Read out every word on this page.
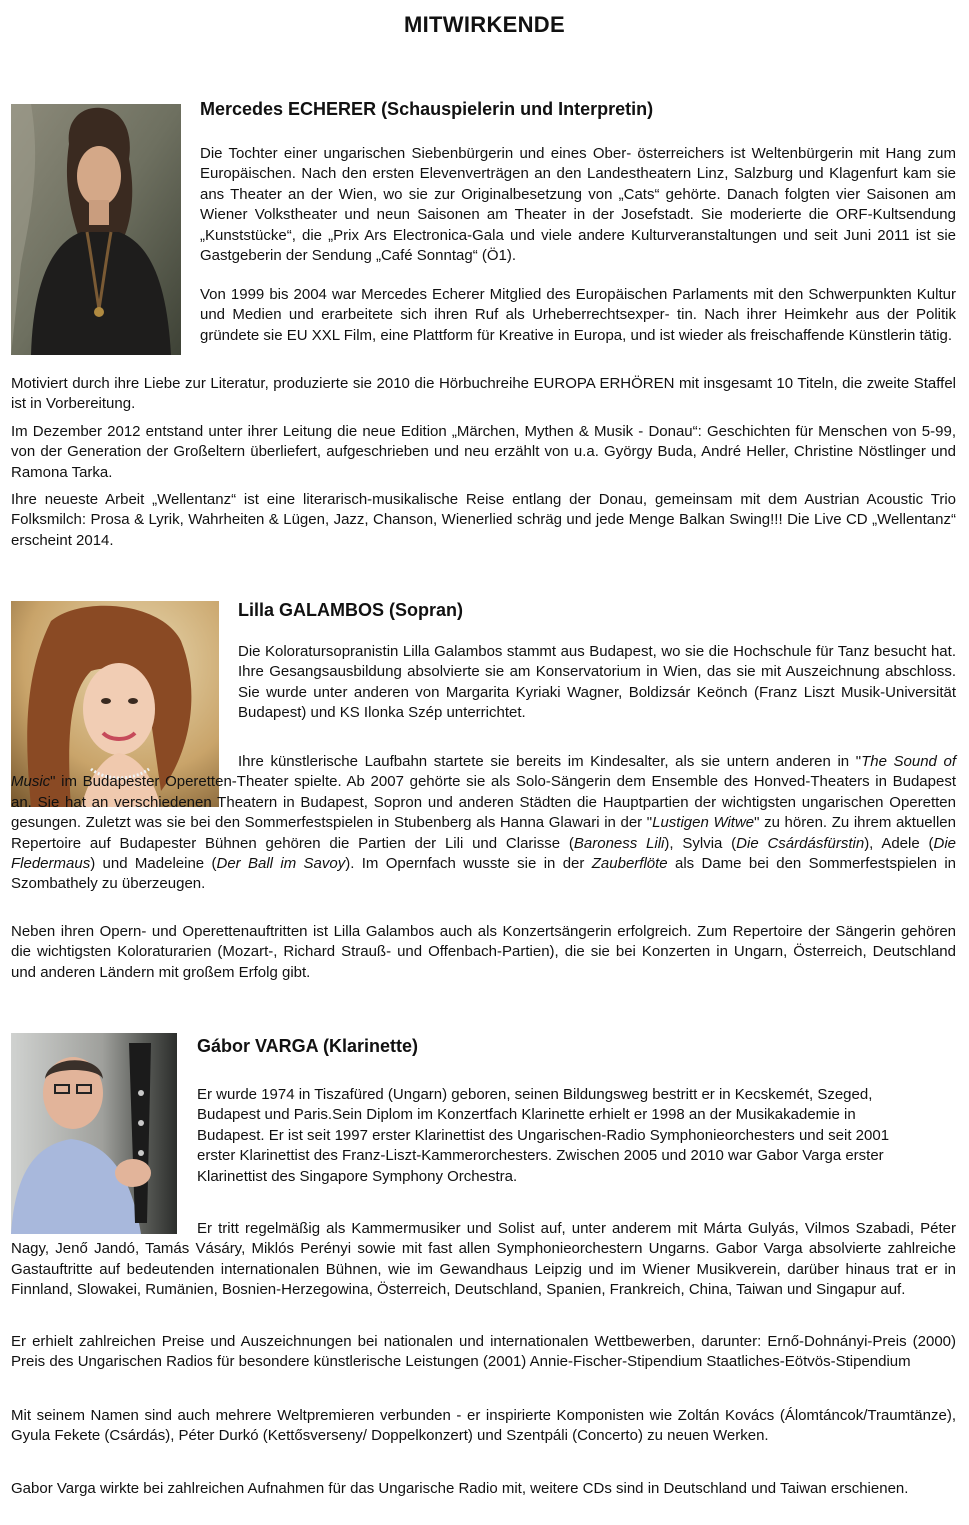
MITWIRKENDE
Mercedes ECHERER (Schauspielerin und Interpretin)

Die Tochter einer ungarischen Siebenbürgerin und eines Ober- österreichers ist Weltenbürgerin mit Hang zum Europäischen. Nach den ersten Elevenverträgen an den Landestheatern Linz, Salzburg und Klagenfurt kam sie ans Theater an der Wien, wo sie zur Originalbesetzung von „Cats“ gehörte. Danach folgten vier Saisonen am Wiener Volkstheater und neun Saisonen am Theater in der Josefstadt. Sie moderierte die ORF-Kultsendung „Kunststücke“, die „Prix Ars Electronica-Gala und viele andere Kulturveranstaltungen und seit Juni 2011 ist sie Gastgeberin der Sendung „Café Sonntag“ (Ö1).

Von 1999 bis 2004 war Mercedes Echerer Mitglied des Europäischen Parlaments mit den Schwerpunkten Kultur und Medien und erarbeitete sich ihren Ruf als Urheberrechtsexper- tin. Nach ihrer Heimkehr aus der Politik gründete sie EU XXL Film, eine Plattform für Kreative in Europa, und ist wieder als freischaffende Künstlerin tätig.

Motiviert durch ihre Liebe zur Literatur, produzierte sie 2010 die Hörbuchreihe EUROPA ERHÖREN mit insgesamt 10 Titeln, die zweite Staffel ist in Vorbereitung.

Im Dezember 2012 entstand unter ihrer Leitung die neue Edition „Märchen, Mythen & Musik - Donau“: Geschichten für Menschen von 5-99, von der Generation der Großeltern überliefert, aufgeschrieben und neu erzählt von u.a. György Buda, André Heller, Christine Nöstlinger und Ramona Tarka.

Ihre neueste Arbeit „Wellentanz“ ist eine literarisch-musikalische Reise entlang der Donau, gemeinsam mit dem Austrian Acoustic Trio Folksmilch: Prosa & Lyrik, Wahrheiten & Lügen, Jazz, Chanson, Wienerlied schräg und jede Menge Balkan Swing!!! Die Live CD „Wellentanz“ erscheint 2014.

Lilla GALAMBOS (Sopran)

Die Koloratursopranistin Lilla Galambos stammt aus Budapest, wo sie die Hochschule für Tanz besucht hat. Ihre Gesangsausbildung absolvierte sie am Konservatorium in Wien, das sie mit Auszeichnung abschloss. Sie wurde unter anderen von Margarita Kyriaki Wagner, Boldizsár Keönch (Franz Liszt Musik-Universität Budapest) und KS Ilonka Szép unterrichtet.

Ihre künstlerische Laufbahn startete sie bereits im Kindesalter, als sie untern anderen in "The Sound of Music" im Budapester Operetten-Theater spielte. Ab 2007 gehörte sie als Solo-Sängerin dem Ensemble des Honved-Theaters in Budapest an. Sie hat an verschiedenen Theatern in Budapest, Sopron und anderen Städten die Hauptpartien der wichtigsten ungarischen Operetten gesungen. Zuletzt was sie bei den Sommerfestspielen in Stubenberg als Hanna Glawari in der "Lustigen Witwe" zu hören. Zu ihrem aktuellen Repertoire auf Budapester Bühnen gehören die Partien der Lili und Clarisse (Baroness Lili), Sylvia (Die Csárdásfürstin), Adele (Die Fledermaus) und Madeleine (Der Ball im Savoy). Im Opernfach wusste sie in der Zauberflöte als Dame bei den Sommerfestspielen in Szombathely zu überzeugen.

Neben ihren Opern- und Operettenauftritten ist Lilla Galambos auch als Konzertsängerin erfolgreich. Zum Repertoire der Sängerin gehören die wichtigsten Koloraturarien (Mozart-, Richard Strauß- und Offenbach-Partien), die sie bei Konzerten in Ungarn, Österreich, Deutschland und anderen Ländern mit großem Erfolg gibt.

Gábor VARGA (Klarinette)

Er wurde 1974 in Tiszafüred (Ungarn) geboren, seinen Bildungsweg bestritt er in Kecskemét, Szeged, Budapest und Paris.Sein Diplom im Konzertfach Klarinette erhielt er 1998 an der Musikakademie in Budapest. Er ist seit 1997 erster Klarinettist des Ungarischen-Radio Symphonieorchesters und seit 2001 erster Klarinettist des Franz-Liszt-Kammerorchesters. Zwischen 2005 und 2010 war Gabor Varga erster Klarinettist des Singapore Symphony Orchestra.

Er tritt regelmäßig als Kammermusiker und Solist auf, unter anderem mit Márta Gulyás, Vilmos Szabadi, Péter Nagy, Jenő Jandó, Tamás Vásáry, Miklós Perényi sowie mit fast allen Symphonieorchestern Ungarns. Gabor Varga absolvierte zahlreiche Gastauftritte auf bedeutenden internationalen Bühnen, wie im Gewandhaus Leipzig und im Wiener Musikverein, darüber hinaus trat er in Finnland, Slowakei, Rumänien, Bosnien-Herzegowina, Österreich, Deutschland, Spanien, Frankreich, China, Taiwan und Singapur auf.

Er erhielt zahlreichen Preise und Auszeichnungen bei nationalen und internationalen Wettbewerben, darunter: Ernő-Dohnányi-Preis (2000) Preis des Ungarischen Radios für besondere künstlerische Leistungen (2001) Annie-Fischer-Stipendium Staatliches-Eötvös-Stipendium

Mit seinem Namen sind auch mehrere Weltpremieren verbunden - er inspirierte Komponisten wie Zoltán Kovács (Álomtáncok/Traumtänze), Gyula Fekete (Csárdás), Péter Durkó (Kettősverseny/ Doppelkonzert) und Szentpáli (Concerto) zu neuen Werken.

Gabor Varga wirkte bei zahlreichen Aufnahmen für das Ungarische Radio mit, weitere CDs sind in Deutschland und Taiwan erschienen.
